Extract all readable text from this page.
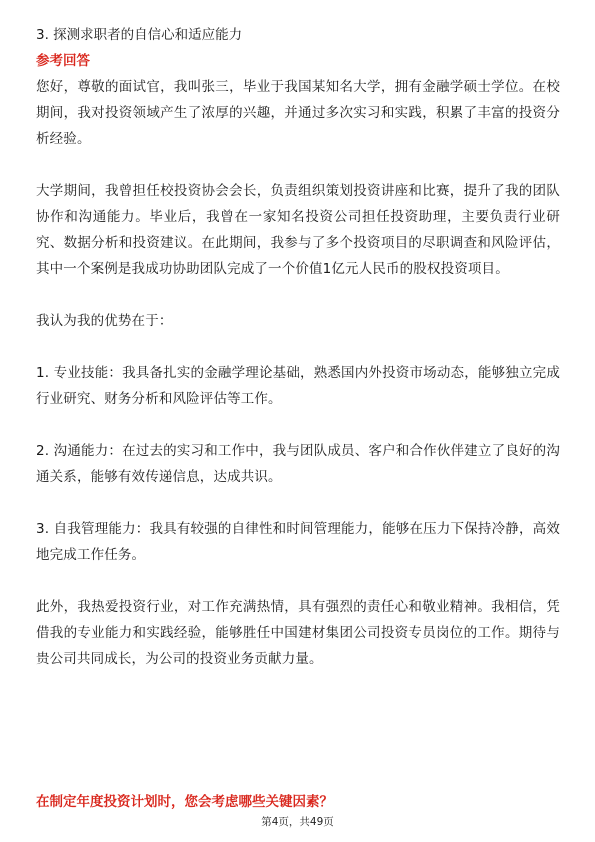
3. 探测求职者的自信心和适应能力

参考回答

您好，尊敬的面试官，我叫张三，毕业于我国某知名大学，拥有金融学硕士学位。在校期间，我对投资领域产生了浓厚的兴趣，并通过多次实习和实践，积累了丰富的投资分析经验。

大学期间，我曾担任校投资协会会长，负责组织策划投资讲座和比赛，提升了我的团队协作和沟通能力。毕业后，我曾在一家知名投资公司担任投资助理，主要负责行业研究、数据分析和投资建议。在此期间，我参与了多个投资项目的尽职调查和风险评估，其中一个案例是我成功协助团队完成了一个价值1亿元人民币的股权投资项目。

我认为我的优势在于：

1. 专业技能：我具备扎实的金融学理论基础，熟悉国内外投资市场动态，能够独立完成行业研究、财务分析和风险评估等工作。

2. 沟通能力：在过去的实习和工作中，我与团队成员、客户和合作伙伴建立了良好的沟通关系，能够有效传递信息，达成共识。

3. 自我管理能力：我具有较强的自律性和时间管理能力，能够在压力下保持冷静，高效地完成工作任务。

此外，我热爱投资行业，对工作充满热情，具有强烈的责任心和敬业精神。我相信，凭借我的专业能力和实践经验，能够胜任中国建材集团公司投资专员岗位的工作。期待与贵公司共同成长，为公司的投资业务贡献力量。

在制定年度投资计划时，您会考虑哪些关键因素？

第4页，共49页
